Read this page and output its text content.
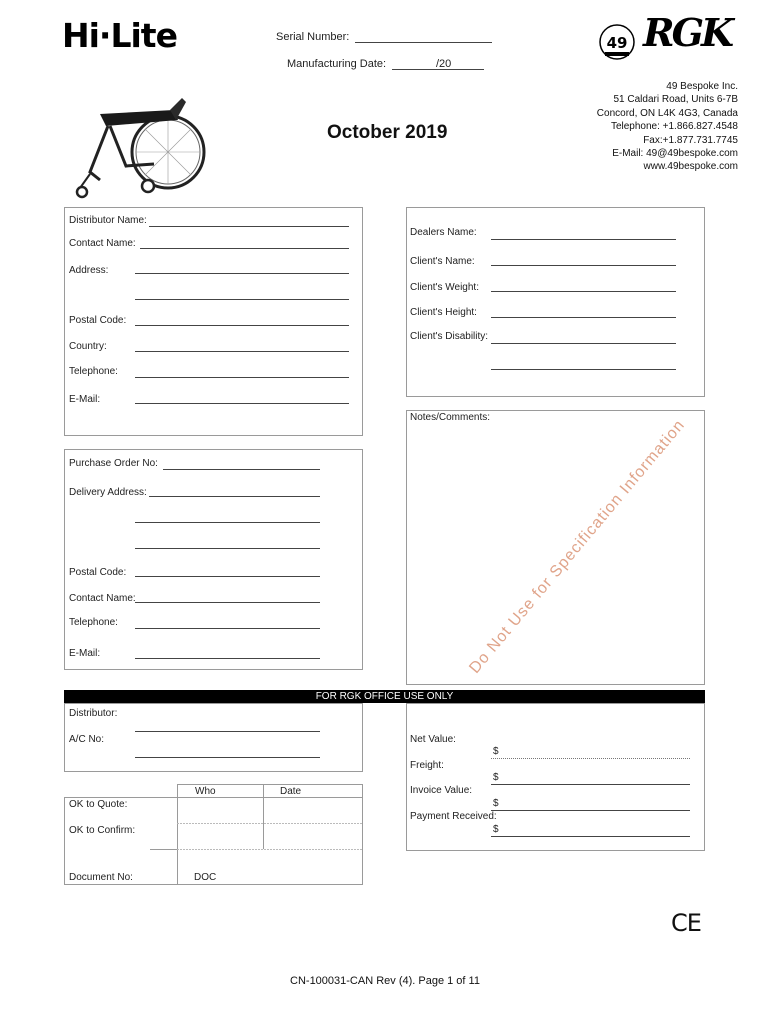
Hi·Lite	Serial Number:
Manufacturing Date:	/20
49 RGK
October 2019
49 Bespoke Inc.
51 Caldari Road, Units 6-7B
Concord, ON L4K 4G3, Canada
Telephone: +1.866.827.4548
Fax:+1.877.731.7745
E-Mail: 49@49bespoke.com
www.49bespoke.com
Distributor Name:
Contact Name:
Address:
Postal Code:
Country:
Telephone:
E-Mail:
Dealers Name:
Client's Name:
Client's Weight:
Client's Height:
Client's Disability:
Notes/Comments:
Do Not Use for Specification Information
Purchase Order No:
Delivery Address:
Postal Code:
Contact Name:
Telephone:
E-Mail:
FOR RGK OFFICE USE ONLY
Distributor:
A/C No:	Net Value:
$
Freight:
$
Invoice Value:
$
Payment Received:
$
Who	Date
OK to Quote:
OK to Confirm:
Document No:	DOC
CE
CN-100031-CAN Rev (4). Page 1 of 11
